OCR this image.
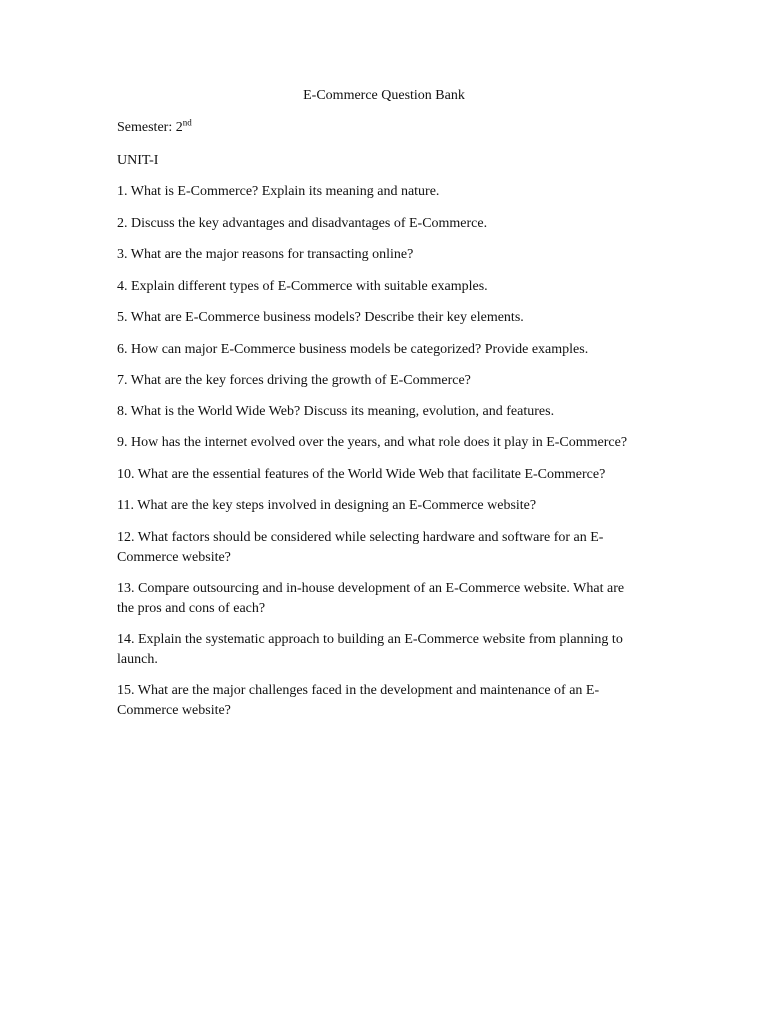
E-Commerce Question Bank
Semester: 2nd
UNIT-I
1. What is E-Commerce? Explain its meaning and nature.
2. Discuss the key advantages and disadvantages of E-Commerce.
3. What are the major reasons for transacting online?
4. Explain different types of E-Commerce with suitable examples.
5. What are E-Commerce business models? Describe their key elements.
6. How can major E-Commerce business models be categorized? Provide examples.
7. What are the key forces driving the growth of E-Commerce?
8. What is the World Wide Web? Discuss its meaning, evolution, and features.
9. How has the internet evolved over the years, and what role does it play in E-Commerce?
10. What are the essential features of the World Wide Web that facilitate E-Commerce?
11. What are the key steps involved in designing an E-Commerce website?
12. What factors should be considered while selecting hardware and software for an E-Commerce website?
13. Compare outsourcing and in-house development of an E-Commerce website. What are the pros and cons of each?
14. Explain the systematic approach to building an E-Commerce website from planning to launch.
15. What are the major challenges faced in the development and maintenance of an E-Commerce website?
